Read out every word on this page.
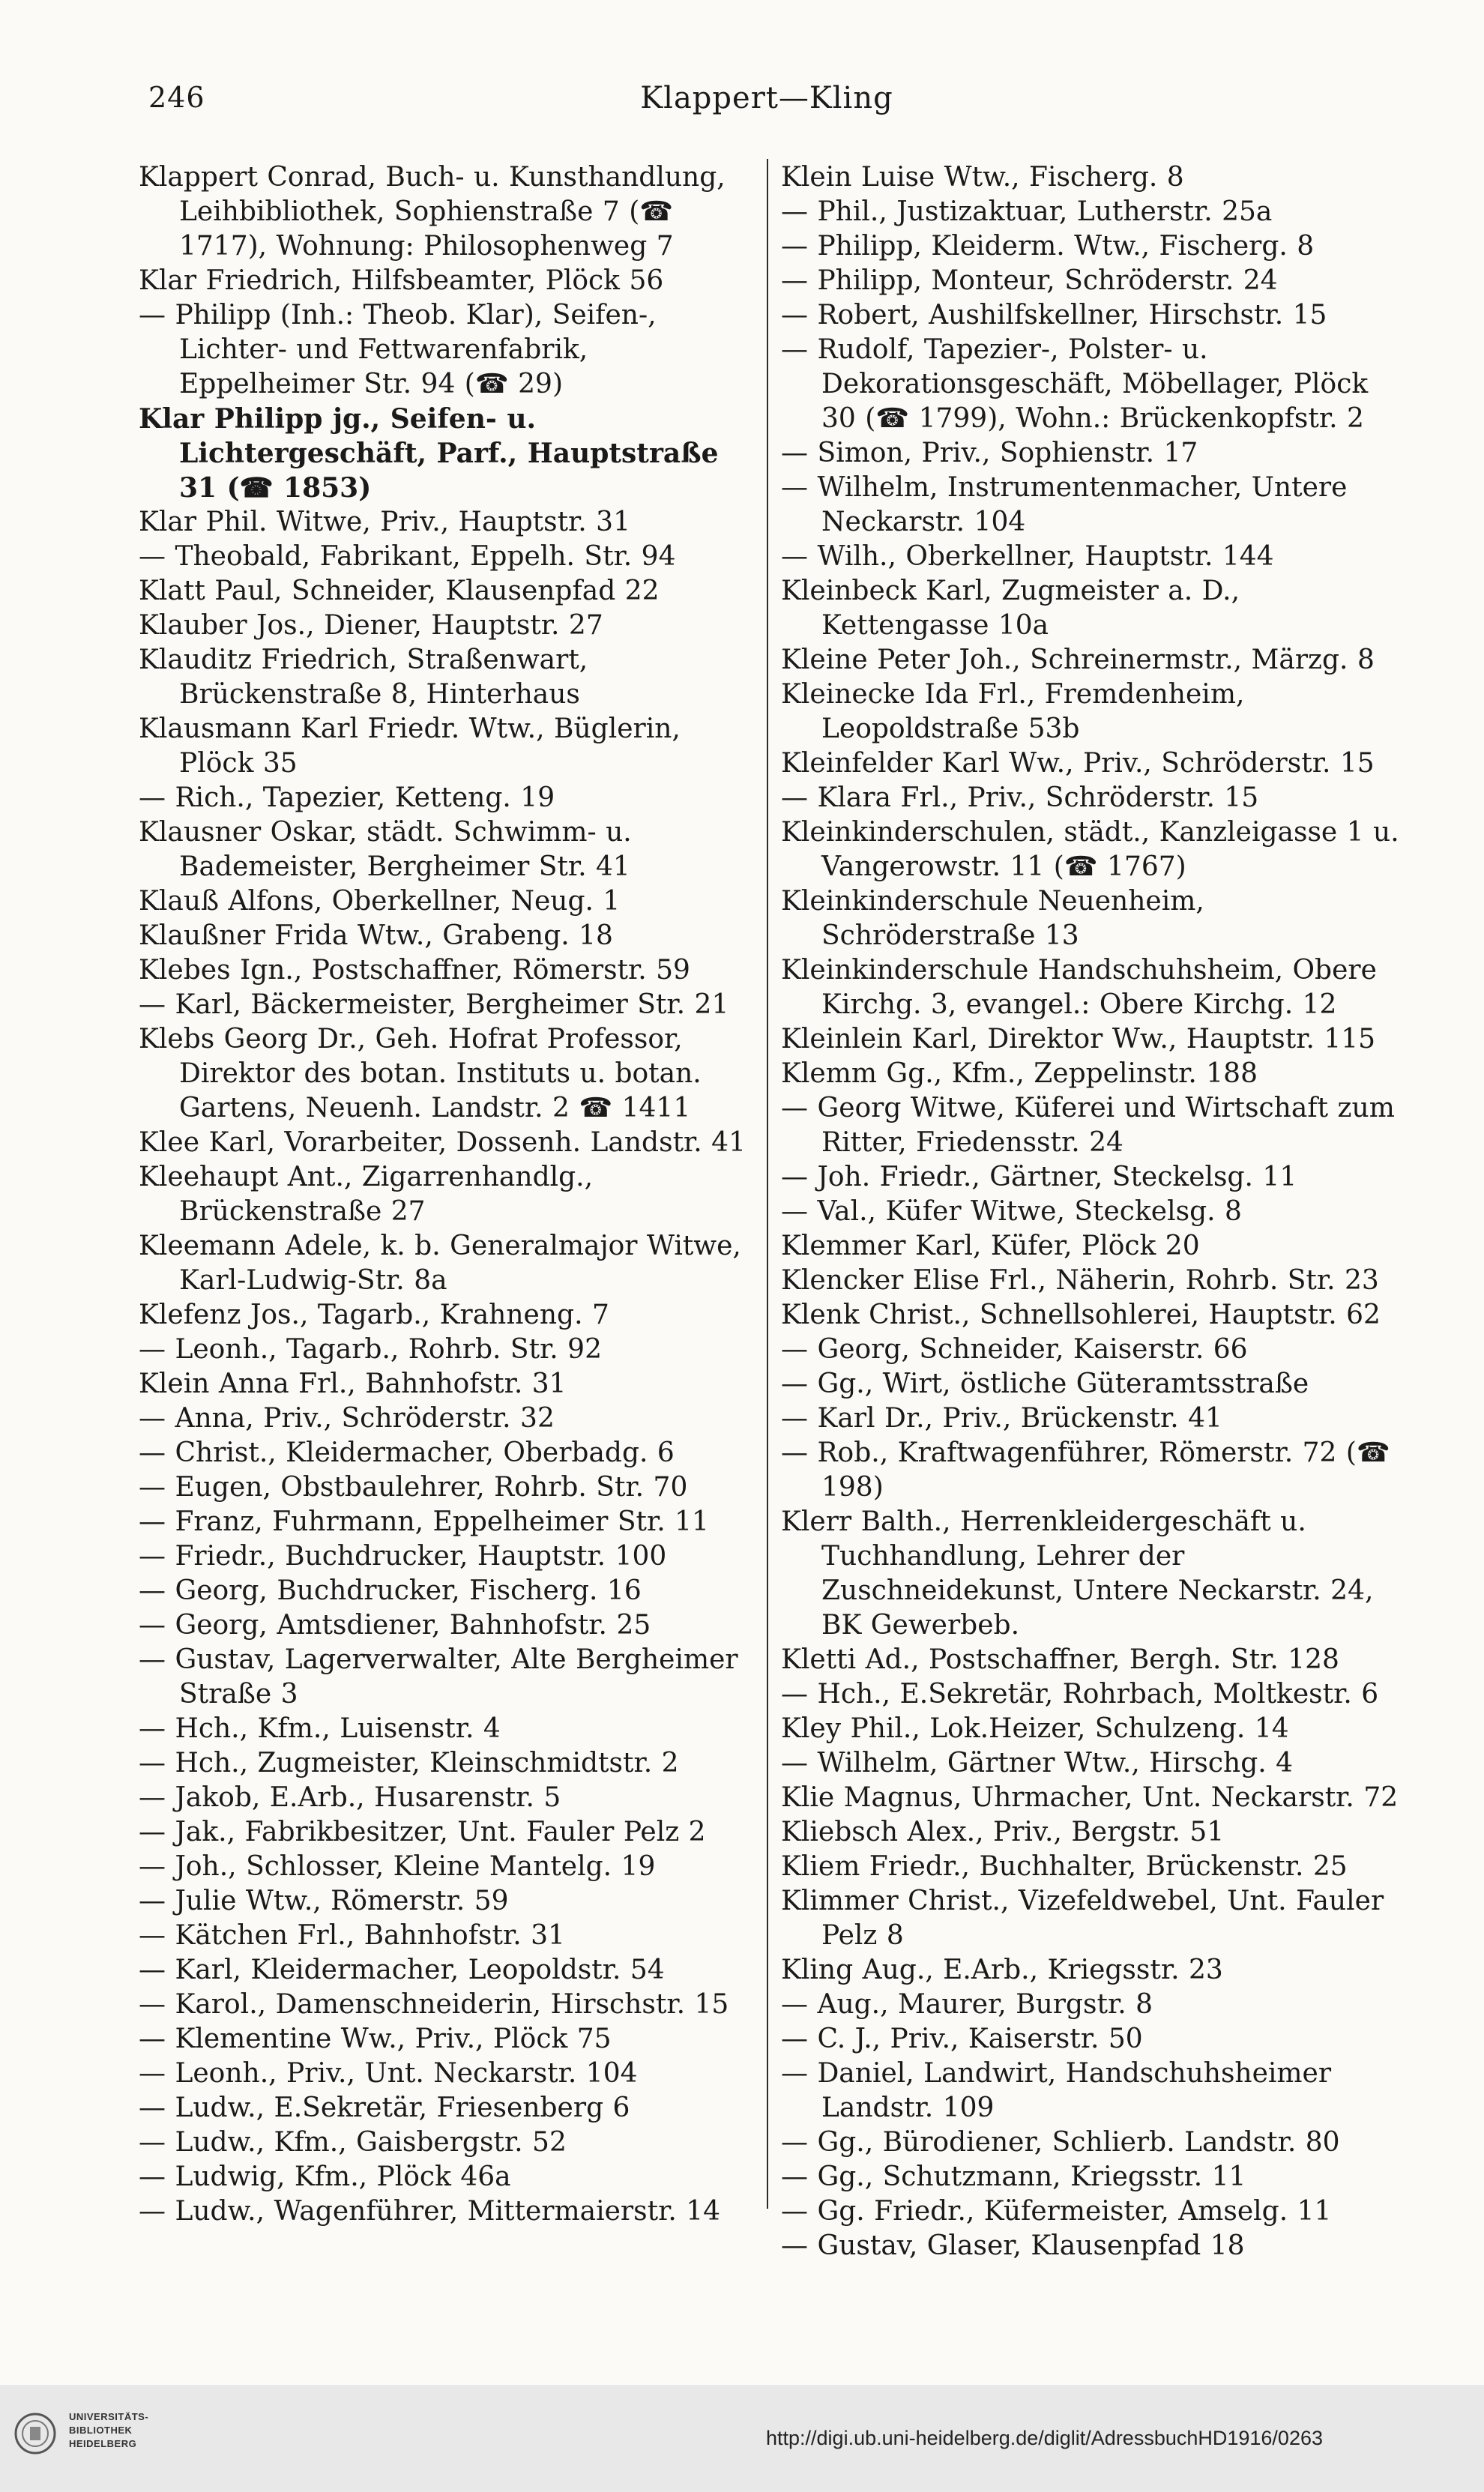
246	Klappert—Kling
Klappert Conrad, Buch- u. Kunsthandlung, Leihbibliothek, Sophienstraße 7 (☎ 1717), Wohnung: Philosophenweg 7
Klar Friedrich, Hilfsbeamter, Plöck 56
— Philipp (Inh.: Theob. Klar), Seifen-, Lichter- und Fettwarenfabrik, Eppelheimer Str. 94 (☎ 29)
Klar Philipp jg., Seifen- u. Lichtergeschäft, Parf., Hauptstraße 31 (☎ 1853)
Klar Phil. Witwe, Priv., Hauptstr. 31
— Theobald, Fabrikant, Eppelh. Str. 94
Klatt Paul, Schneider, Klausenpfad 22
Klauber Jos., Diener, Hauptstr. 27
Klauditz Friedrich, Straßenwart, Brückenstraße 8, Hinterhaus
Klausmann Karl Friedr. Wtw., Büglerin, Plöck 35
— Rich., Tapezier, Ketteng. 19
Klausner Oskar, städt. Schwimm- u. Bademeister, Bergheimer Str. 41
Klauß Alfons, Oberkellner, Neug. 1
Klaußner Frida Wtw., Grabeng. 18
Klebes Ign., Postschaffner, Römerstr. 59
— Karl, Bäckermeister, Bergheimer Str. 21
Klebs Georg Dr., Geh. Hofrat Professor, Direktor des botan. Instituts u. botan. Gartens, Neuenh. Landstr. 2 ☎ 1411
Klee Karl, Vorarbeiter, Dossenh. Landstr. 41
Kleehaupt Ant., Zigarrenhandlg., Brückenstraße 27
Kleemann Adele, k. b. Generalmajor Witwe, Karl-Ludwig-Str. 8a
Klefenz Jos., Tagarb., Krahneng. 7
— Leonh., Tagarb., Rohrb. Str. 92
Klein Anna Frl., Bahnhofstr. 31
— Anna, Priv., Schröderstr. 32
— Christ., Kleidermacher, Oberbadg. 6
— Eugen, Obstbaulehrer, Rohrb. Str. 70
— Franz, Fuhrmann, Eppelheimer Str. 11
— Friedr., Buchdrucker, Hauptstr. 100
— Georg, Buchdrucker, Fischerg. 16
— Georg, Amtsdiener, Bahnhofstr. 25
— Gustav, Lagerverwalter, Alte Bergheimer Straße 3
— Hch., Kfm., Luisenstr. 4
— Hch., Zugmeister, Kleinschmidtstr. 2
— Jakob, E.Arb., Husarenstr. 5
— Jak., Fabrikbesitzer, Unt. Fauler Pelz 2
— Joh., Schlosser, Kleine Mantelg. 19
— Julie Wtw., Römerstr. 59
— Kätchen Frl., Bahnhofstr. 31
— Karl, Kleidermacher, Leopoldstr. 54
— Karol., Damenschneiderin, Hirschstr. 15
— Klementine Ww., Priv., Plöck 75
— Leonh., Priv., Unt. Neckarstr. 104
— Ludw., E.Sekretär, Friesenberg 6
— Ludw., Kfm., Gaisbergstr. 52
— Ludwig, Kfm., Plöck 46a
— Ludw., Wagenführer, Mittermaierstr. 14
Klein Luise Wtw., Fischerg. 8
— Phil., Justizaktuar, Lutherstr. 25a
— Philipp, Kleiderm. Wtw., Fischerg. 8
— Philipp, Monteur, Schröderstr. 24
— Robert, Aushilfskellner, Hirschstr. 15
— Rudolf, Tapezier-, Polster- u. Dekorationsgeschäft, Möbellager, Plöck 30 (☎ 1799), Wohn.: Brückenkopfstr. 2
— Simon, Priv., Sophienstr. 17
— Wilhelm, Instrumentenmacher, Untere Neckarstr. 104
— Wilh., Oberkellner, Hauptstr. 144
Kleinbeck Karl, Zugmeister a. D., Kettengasse 10a
Kleine Peter Joh., Schreinermstr., Märzg. 8
Kleinecke Ida Frl., Fremdenheim, Leopoldstraße 53b
Kleinfelder Karl Ww., Priv., Schröderstr. 15
— Klara Frl., Priv., Schröderstr. 15
Kleinkinderschulen, städt., Kanzleigasse 1 u. Vangerowstr. 11 (☎ 1767)
Kleinkinderschule Neuenheim, Schröderstraße 13
Kleinkinderschule Handschuhsheim, Obere Kirchg. 3, evangel.: Obere Kirchg. 12
Kleinlein Karl, Direktor Ww., Hauptstr. 115
Klemm Gg., Kfm., Zeppelinstr. 188
— Georg Witwe, Küferei und Wirtschaft zum Ritter, Friedensstr. 24
— Joh. Friedr., Gärtner, Steckelsg. 11
— Val., Küfer Witwe, Steckelsg. 8
Klemmer Karl, Küfer, Plöck 20
Klencker Elise Frl., Näherin, Rohrb. Str. 23
Klenk Christ., Schnellsohlerei, Hauptstr. 62
— Georg, Schneider, Kaiserstr. 66
— Gg., Wirt, östliche Güteramtsstraße
— Karl Dr., Priv., Brückenstr. 41
— Rob., Kraftwagenführer, Römerstr. 72 (☎ 198)
Klerr Balth., Herrenkleidergeschäft u. Tuchhandlung, Lehrer der Zuschneidekunst, Untere Neckarstr. 24, BK Gewerbeb.
Kletti Ad., Postschaffner, Bergh. Str. 128
— Hch., E.Sekretär, Rohrbach, Moltkestr. 6
Kley Phil., Lok.Heizer, Schulzeng. 14
— Wilhelm, Gärtner Wtw., Hirschg. 4
Klie Magnus, Uhrmacher, Unt. Neckarstr. 72
Kliebsch Alex., Priv., Bergstr. 51
Kliem Friedr., Buchhalter, Brückenstr. 25
Klimmer Christ., Vizefeldwebel, Unt. Fauler Pelz 8
Kling Aug., E.Arb., Kriegsstr. 23
— Aug., Maurer, Burgstr. 8
— C. J., Priv., Kaiserstr. 50
— Daniel, Landwirt, Handschuhsheimer Landstr. 109
— Gg., Bürodiener, Schlierb. Landstr. 80
— Gg., Schutzmann, Kriegsstr. 11
— Gg. Friedr., Küfermeister, Amselg. 11
— Gustav, Glaser, Klausenpfad 18
UNIVERSITÄTS-
BIBLIOTHEK
HEIDELBERG	http://digi.ub.uni-heidelberg.de/diglit/AdressbuchHD1916/0263
